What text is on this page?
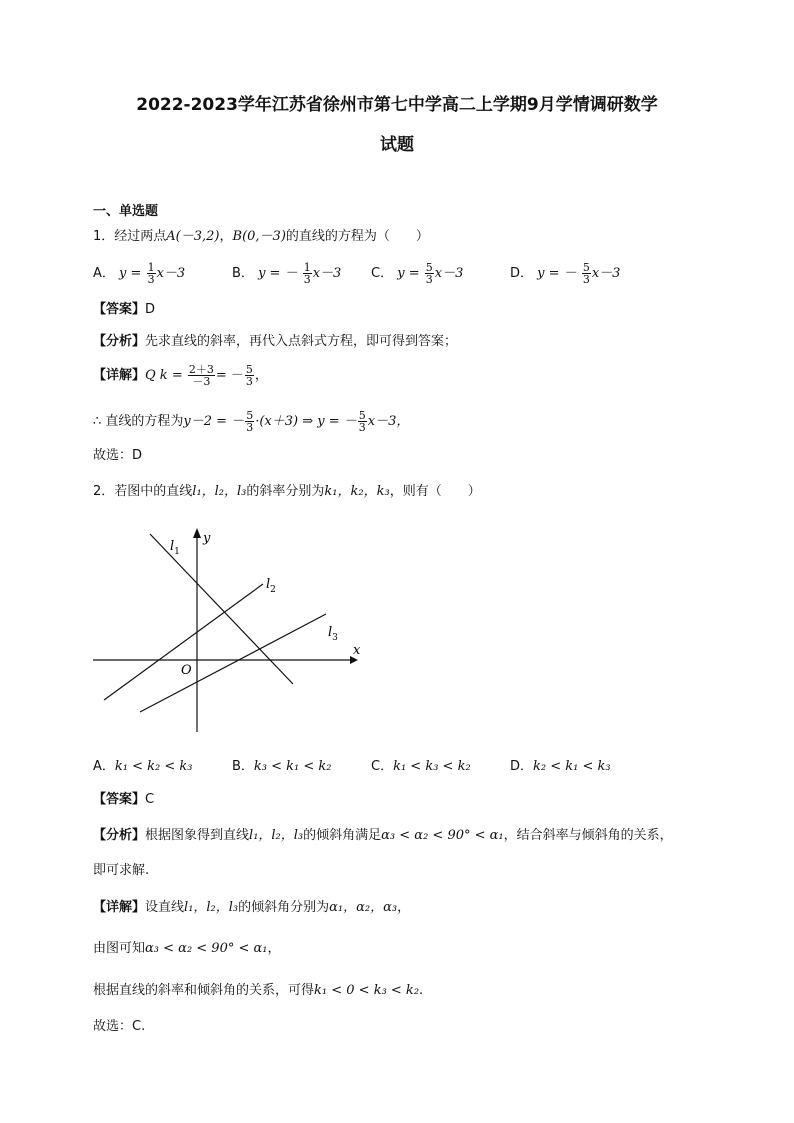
2022-2023学年江苏省徐州市第七中学高二上学期9月学情调研数学
试题
一、单选题
1．经过两点A(－3,2)，B(0,－3)的直线的方程为（　　）
A． $y = \frac{1}{3} x-3$	B． y = － $\frac{1}{3} x-3$ C． $y = \frac{5}{3} x-3$	D． y = － $\frac{5}{3} x-3$
【答案】D
【分析】先求直线的斜率，再代入点斜式方程，即可得到答案；
【详解】Q $k = \frac{2+3}{-3}$ = － $\frac{5}{3}$ ，
∴ 直线的方程为y－2 = － $\frac{5}{3} \cdot(x+3)$ ⇒ y = － $\frac{5}{3} x-3$，
故选：D
2．若图中的直线l₁，l₂，l₃的斜率分别为k₁，k₂，k₃，则有（　　）
$l_1$
$l_2$
$l_3$
x
y
O
A．k₁ < k₂ < k₃	B．k₃ < k₁ < k₂	C．k₁ < k₃ < k₂	D．k₂ < k₁ < k₃
【答案】C
【分析】根据图象得到直线l₁，l₂，l₃的倾斜角满足α₃ < α₂ < 90° < α₁，结合斜率与倾斜角的关系，
即可求解.
【详解】设直线l₁，l₂，l₃的倾斜角分别为α₁，α₂，α₃，
由图可知α₃ < α₂ < 90° < α₁，
根据直线的斜率和倾斜角的关系，可得k₁ < 0 < k₃ < k₂.
故选：C.
